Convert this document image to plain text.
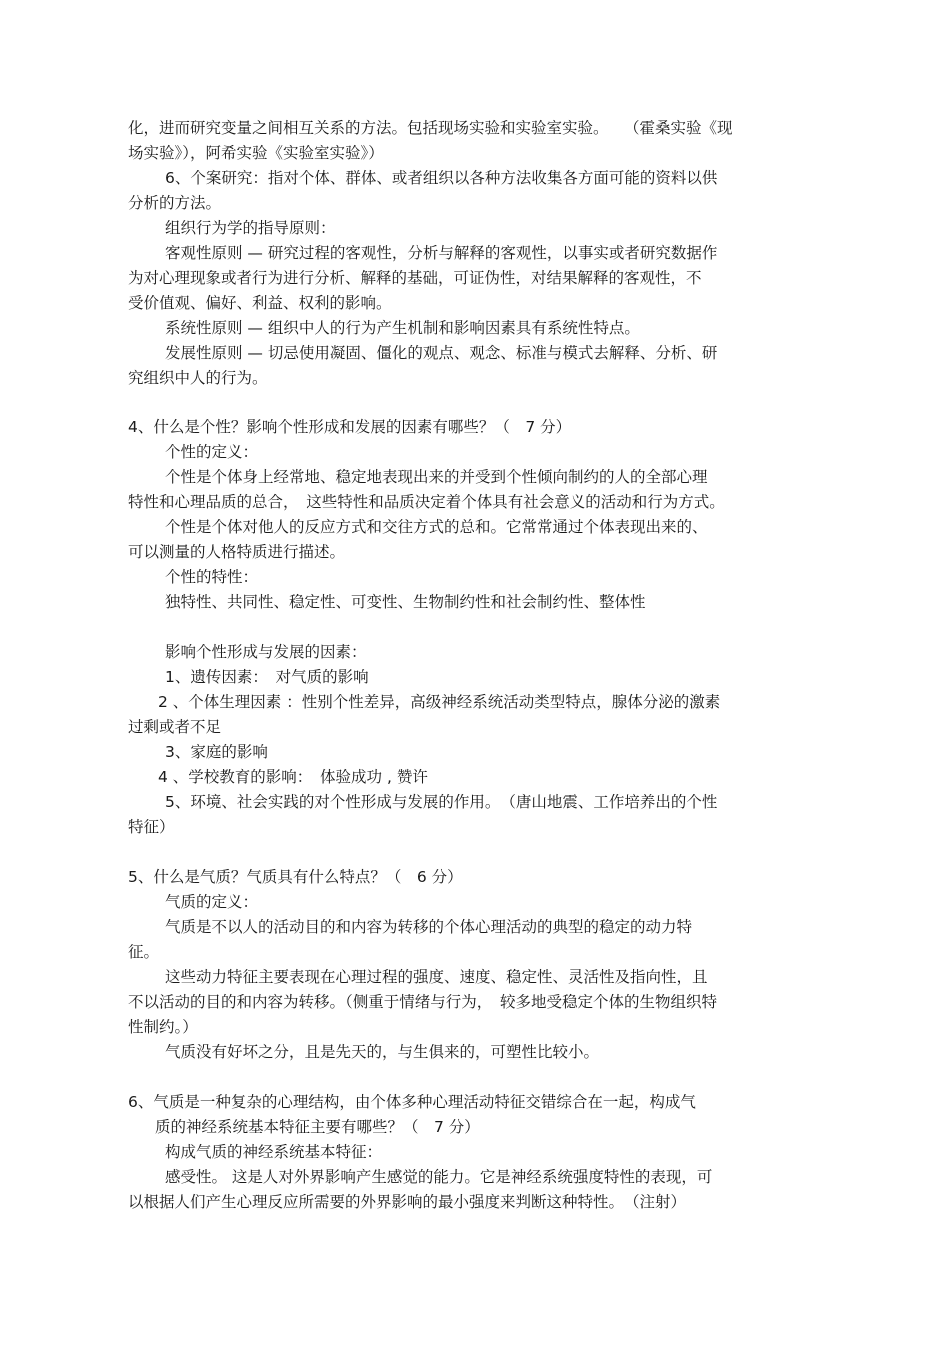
化，进而研究变量之间相互关系的方法。包括现场实验和实验室实验。　　（霍桑实验《现

场实验》），阿希实验《实验室实验》）

6、个案研究：指对个体、群体、或者组织以各种方法收集各方面可能的资料以供

分析的方法。

组织行为学的指导原则：

客观性原则 — 研究过程的客观性，分析与解释的客观性，以事实或者研究数据作

为对心理现象或者行为进行分析、解释的基础，可证伪性，对结果解释的客观性，不

受价值观、偏好、利益、权利的影响。

系统性原则 — 组织中人的行为产生机制和影响因素具有系统性特点。

发展性原则 — 切忌使用凝固、僵化的观点、观念、标准与模式去解释、分析、研

究组织中人的行为。

4、什么是个性？影响个性形成和发展的因素有哪些？（　7 分）

个性的定义：

个性是个体身上经常地、稳定地表现出来的并受到个性倾向制约的人的全部心理

特性和心理品质的总合，　这些特性和品质决定着个体具有社会意义的活动和行为方式。

个性是个体对他人的反应方式和交往方式的总和。它常常通过个体表现出来的、

可以测量的人格特质进行描述。

个性的特性：

独特性、共同性、稳定性、可变性、生物制约性和社会制约性、整体性

影响个性形成与发展的因素：

1、遗传因素：　对气质的影响

2 、个体生理因素 ：性别个性差异，高级神经系统活动类型特点，腺体分泌的激素

过剩或者不足

3、家庭的影响

4 、学校教育的影响：　体验成功 , 赞许

5、环境、社会实践的对个性形成与发展的作用。　（唐山地震、工作培养出的个性

特征）

5、什么是气质？气质具有什么特点？（　6 分）

气质的定义：

气质是不以人的活动目的和内容为转移的个体心理活动的典型的稳定的动力特

征。

这些动力特征主要表现在心理过程的强度、速度、稳定性、灵活性及指向性，且

不以活动的目的和内容为转移。（侧重于情绪与行为，　较多地受稳定个体的生物组织特

性制约。）

气质没有好坏之分，且是先天的，与生俱来的，可塑性比较小。

6、气质是一种复杂的心理结构，由个体多种心理活动特征交错综合在一起，构成气

质的神经系统基本特征主要有哪些？（　7 分）

构成气质的神经系统基本特征：

感受性。 这是人对外界影响产生感觉的能力。它是神经系统强度特性的表现，可

以根据人们产生心理反应所需要的外界影响的最小强度来判断这种特性。　（注射）
